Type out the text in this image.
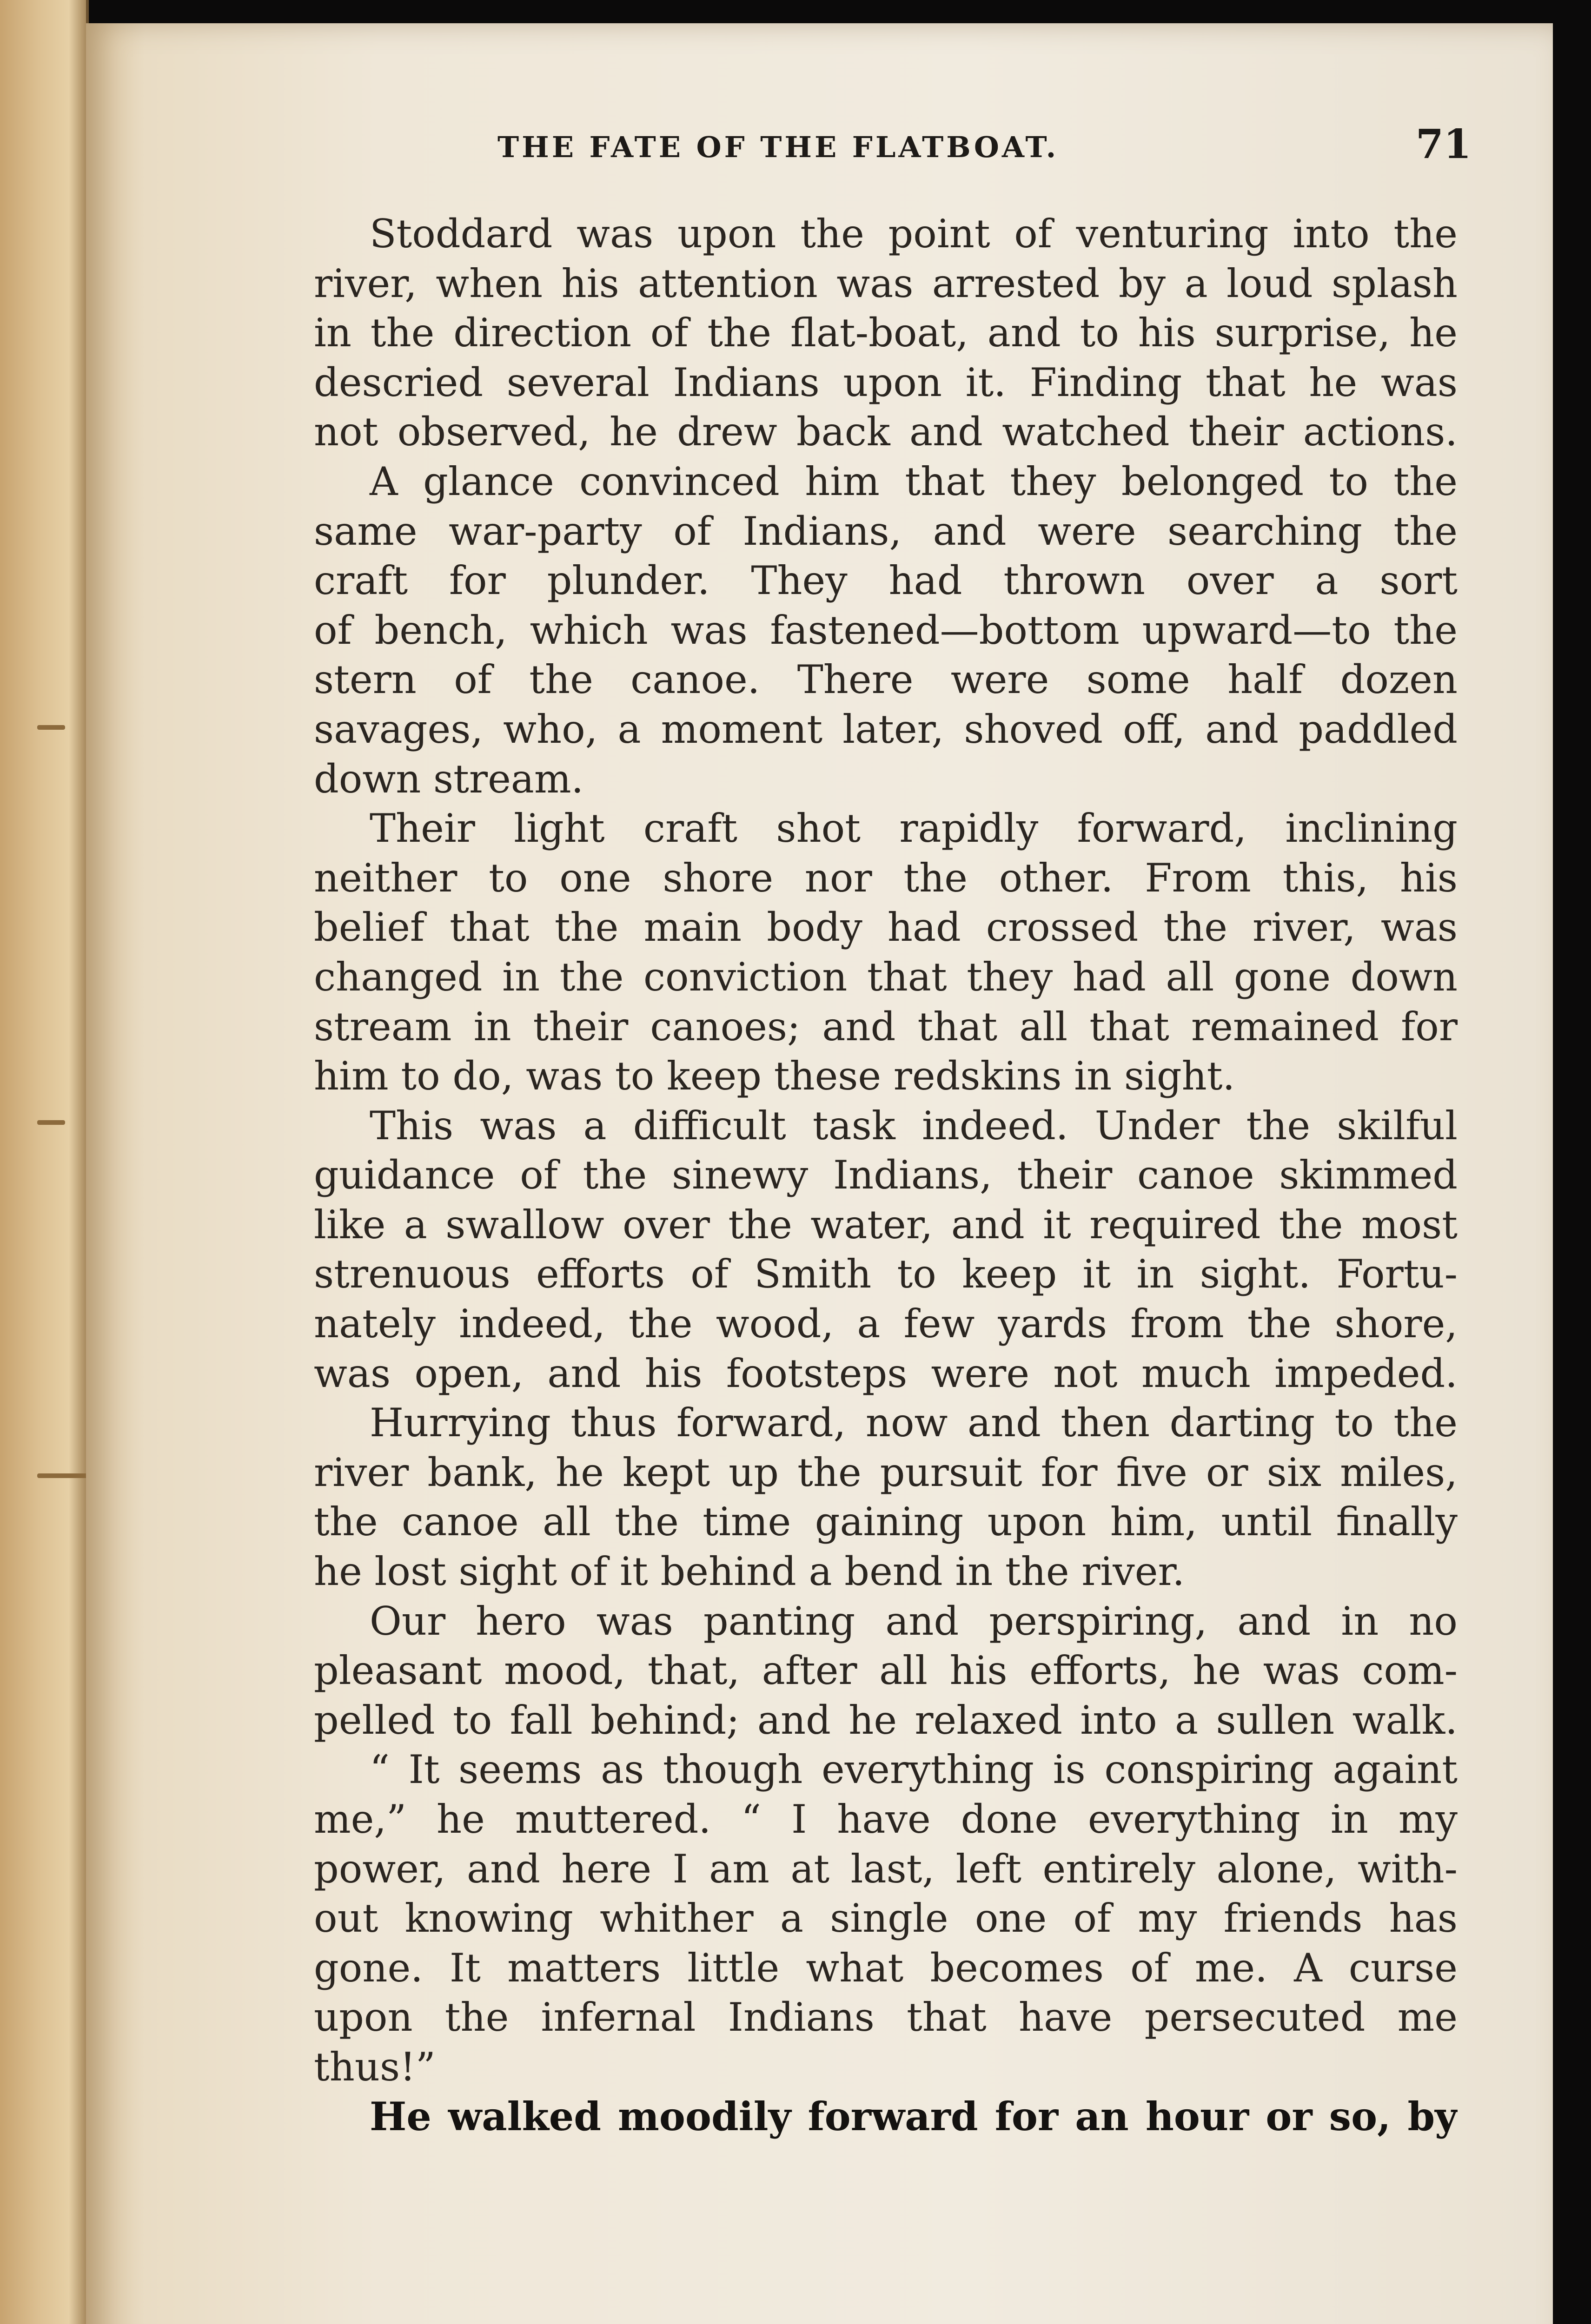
THE FATE OF THE FLATBOAT.	71
Stoddard was upon the point of venturing into the
river, when his attention was arrested by a loud splash
in the direction of the flat-boat, and to his surprise, he
descried several Indians upon it. Finding that he was
not observed, he drew back and watched their actions.
A glance convinced him that they belonged to the
same war-party of Indians, and were searching the
craft for plunder. They had thrown over a sort
of bench, which was fastened—bottom upward—to the
stern of the canoe. There were some half dozen
savages, who, a moment later, shoved off, and paddled
down stream.
Their light craft shot rapidly forward, inclining
neither to one shore nor the other. From this, his
belief that the main body had crossed the river, was
changed in the conviction that they had all gone down
stream in their canoes; and that all that remained for
him to do, was to keep these redskins in sight.
This was a difficult task indeed. Under the skilful
guidance of the sinewy Indians, their canoe skimmed
like a swallow over the water, and it required the most
strenuous efforts of Smith to keep it in sight. Fortu-
nately indeed, the wood, a few yards from the shore,
was open, and his footsteps were not much impeded.
Hurrying thus forward, now and then darting to the
river bank, he kept up the pursuit for five or six miles,
the canoe all the time gaining upon him, until finally
he lost sight of it behind a bend in the river.
Our hero was panting and perspiring, and in no
pleasant mood, that, after all his efforts, he was com-
pelled to fall behind; and he relaxed into a sullen walk.
“ It seems as though everything is conspiring againt
me,” he muttered. “ I have done everything in my
power, and here I am at last, left entirely alone, with-
out knowing whither a single one of my friends has
gone. It matters little what becomes of me. A curse
upon the infernal Indians that have persecuted me
thus!”
He walked moodily forward for an hour or so, by
